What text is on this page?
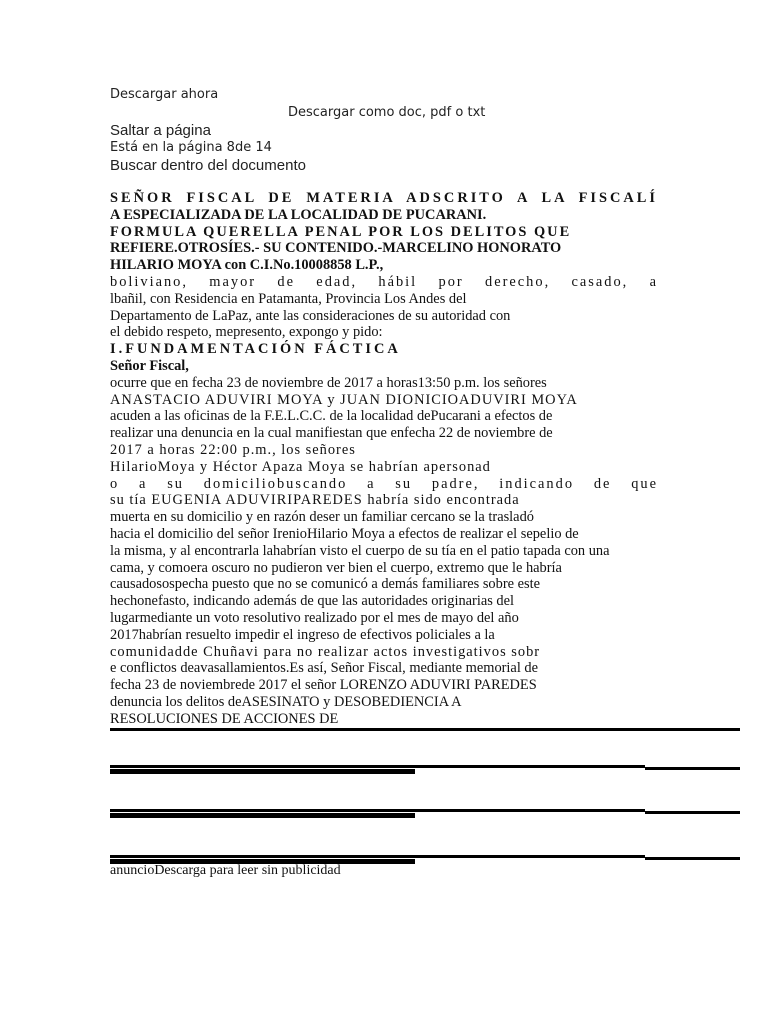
Descargar ahora
Descargar como doc, pdf o txt
Saltar a página
Está en la página 8de 14
Buscar dentro del documento
SEÑOR FISCAL DE MATERIA ADSCRITO A LA FISCALÍ
A ESPECIALIZADA DE LA LOCALIDAD DE PUCARANI.
FORMULA QUERELLA PENAL POR LOS DELITOS QUE
REFIERE.OTROSÍES.- SU CONTENIDO.-MARCELINO HONORATO
HILARIO MOYA con C.I.No.10008858 L.P.,
boliviano, mayor de edad, hábil por derecho, casado, a
lbañil, con Residencia en Patamanta, Provincia Los Andes del
Departamento de LaPaz, ante las consideraciones de su autoridad con
el debido respeto, mepresento, expongo y pido:
I.FUNDAMENTACIÓN FÁCTICA
Señor Fiscal,
ocurre que en fecha 23 de noviembre de 2017 a horas13:50 p.m. los señores
ANASTACIO ADUVIRI MOYA y JUAN DIONICIOADUVIRI MOYA
acuden a las oficinas de la F.E.L.C.C. de la localidad dePucarani a efectos de
realizar una denuncia en la cual manifiestan que enfecha 22 de noviembre de
2017 a horas 22:00 p.m., los señores
HilarioMoya y Héctor Apaza Moya se habrían apersonad
o a su domiciliobuscando a su padre, indicando de que
su tía EUGENIA ADUVIRIPAREDES habría sido encontrada
muerta en su domicilio y en razón deser un familiar cercano se la trasladó
hacia el domicilio del señor IrenioHilario Moya a efectos de realizar el sepelio de
la misma, y al encontrarla lahabrían visto el cuerpo de su tía en el patio tapada con una
cama, y comoera oscuro no pudieron ver bien el cuerpo, extremo que le habría
causadosospecha puesto que no se comunicó a demás familiares sobre este
hechonefasto, indicando además de que las autoridades originarias del
lugarmediante un voto resolutivo realizado por el mes de mayo del año
2017habrían resuelto impedir el ingreso de efectivos policiales a la
comunidadde Chuñavi para no realizar actos investigativos sobr
e conflictos deavasallamientos.Es así, Señor Fiscal, mediante memorial de
fecha 23 de noviembrede 2017 el señor LORENZO ADUVIRI PAREDES
denuncia los delitos deASESINATO y DESOBEDIENCIA A
RESOLUCIONES DE ACCIONES DE
anuncioDescarga para leer sin publicidad
